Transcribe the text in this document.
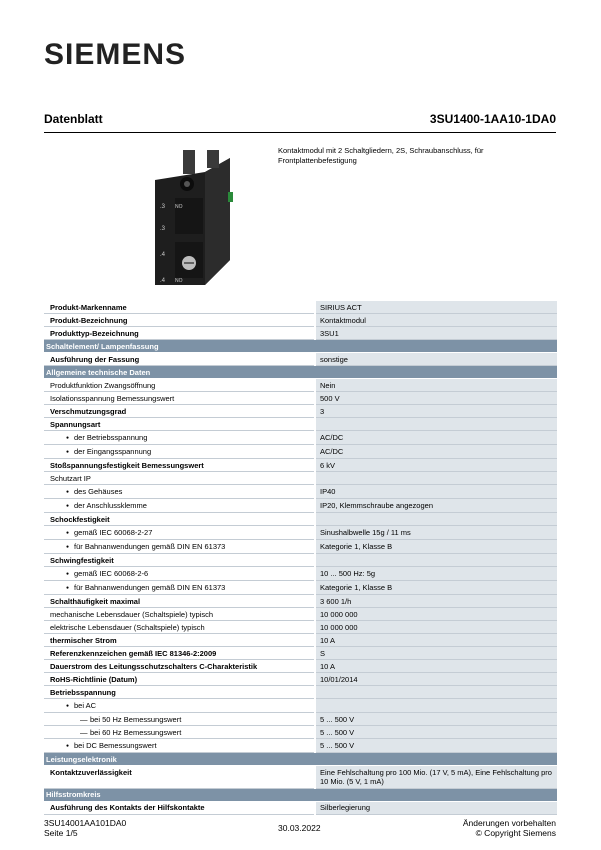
SIEMENS
Datenblatt	3SU1400-1AA10-1DA0
.3 NO
.3
.4
NO
.4
Kontaktmodul mit 2 Schaltgliedern, 2S, Schraubanschluss, für Frontplattenbefestigung
Produkt-Markenname	SIRIUS ACT
Produkt-Bezeichnung	Kontaktmodul
Produkttyp-Bezeichnung	3SU1
Schaltelement/ Lampenfassung	
Ausführung der Fassung	sonstige
Allgemeine technische Daten	
Produktfunktion Zwangsöffnung	Nein
Isolationsspannung Bemessungswert	500 V
Verschmutzungsgrad	3
Spannungsart	
● der Betriebsspannung	AC/DC
● der Eingangsspannung	AC/DC
Stoßspannungsfestigkeit Bemessungswert	6 kV
Schutzart IP	
● des Gehäuses	IP40
● der Anschlussklemme	IP20, Klemmschraube angezogen
Schockfestigkeit	
● gemäß IEC 60068-2-27	Sinushalbwelle 15g / 11 ms
● für Bahnanwendungen gemäß DIN EN 61373	Kategorie 1, Klasse B
Schwingfestigkeit	
● gemäß IEC 60068-2-6	10 ... 500 Hz: 5g
● für Bahnanwendungen gemäß DIN EN 61373	Kategorie 1, Klasse B
Schalthäufigkeit maximal	3 600 1/h
mechanische Lebensdauer (Schaltspiele) typisch	10 000 000
elektrische Lebensdauer (Schaltspiele) typisch	10 000 000
thermischer Strom	10 A
Referenzkennzeichen gemäß IEC 81346-2:2009	S
Dauerstrom des Leitungsschutzschalters C-Charakteristik	10 A
RoHS-Richtlinie (Datum)	10/01/2014
Betriebsspannung	
● bei AC	
— bei 50 Hz Bemessungswert	5 ... 500 V
— bei 60 Hz Bemessungswert	5 ... 500 V
● bei DC Bemessungswert	5 ... 500 V
Leistungselektronik	
Kontaktzuverlässigkeit	Eine Fehlschaltung pro 100 Mio. (17 V, 5 mA), Eine Fehlschaltung pro 10 Mio. (5 V, 1 mA)
Hilfsstromkreis	
Ausführung des Kontakts der Hilfskontakte	Silberlegierung
3SU14001AA101DA0
Seite 1/5	30.03.2022	Änderungen vorbehalten
© Copyright Siemens
